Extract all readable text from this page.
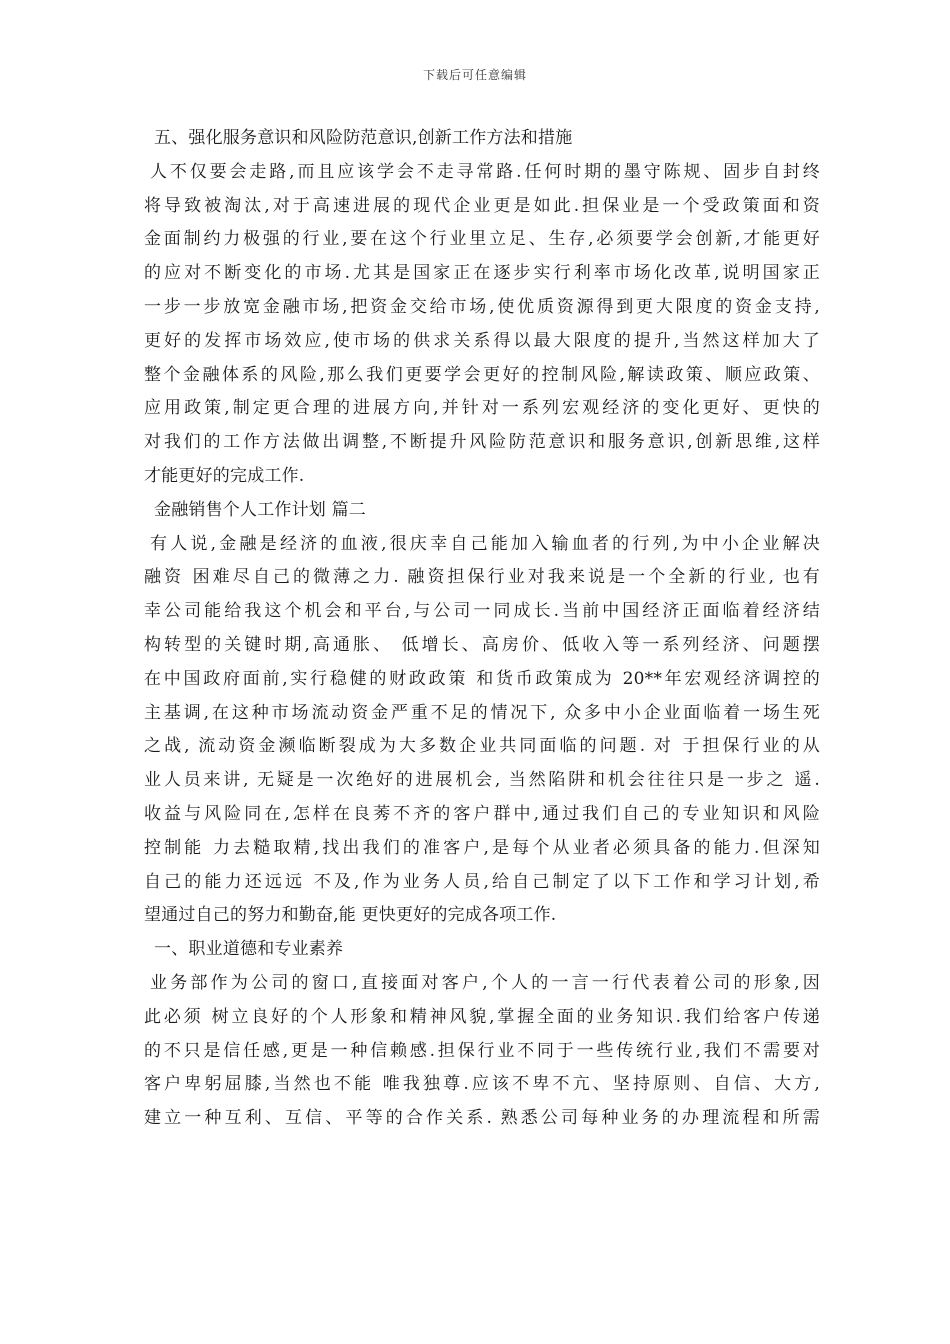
下载后可任意编辑
五、强化服务意识和风险防范意识,创新工作方法和措施
人不仅要会走路,而且应该学会不走寻常路.任何时期的墨守陈规、固步自封终
将导致被淘汰,对于高速进展的现代企业更是如此.担保业是一个受政策面和资
金面制约力极强的行业,要在这个行业里立足、生存,必须要学会创新,才能更好
的应对不断变化的市场.尤其是国家正在逐步实行利率市场化改革,说明国家正
一步一步放宽金融市场,把资金交给市场,使优质资源得到更大限度的资金支持,
更好的发挥市场效应,使市场的供求关系得以最大限度的提升,当然这样加大了
整个金融体系的风险,那么我们更要学会更好的控制风险,解读政策、顺应政策、
应用政策,制定更合理的进展方向,并针对一系列宏观经济的变化更好、更快的
对我们的工作方法做出调整,不断提升风险防范意识和服务意识,创新思维,这样
才能更好的完成工作.
金融销售个人工作计划 篇二
有人说,金融是经济的血液,很庆幸自己能加入输血者的行列,为中小企业解决
融资 困难尽自己的微薄之力. 融资担保行业对我来说是一个全新的行业, 也有
幸公司能给我这个机会和平台,与公司一同成长.当前中国经济正面临着经济结
构转型的关键时期,高通胀、 低增长、高房价、低收入等一系列经济、问题摆
在中国政府面前,实行稳健的财政政策 和货币政策成为 20**年宏观经济调控的
主基调,在这种市场流动资金严重不足的情况下, 众多中小企业面临着一场生死
之战, 流动资金濒临断裂成为大多数企业共同面临的问题. 对 于担保行业的从
业人员来讲, 无疑是一次绝好的进展机会, 当然陷阱和机会往往只是一步之 遥.
收益与风险同在,怎样在良莠不齐的客户群中,通过我们自己的专业知识和风险
控制能 力去糙取精,找出我们的准客户,是每个从业者必须具备的能力.但深知
自己的能力还远远 不及,作为业务人员,给自己制定了以下工作和学习计划,希
望通过自己的努力和勤奋,能 更快更好的完成各项工作.
一、职业道德和专业素养
业务部作为公司的窗口,直接面对客户,个人的一言一行代表着公司的形象,因
此必须 树立良好的个人形象和精神风貌,掌握全面的业务知识.我们给客户传递
的不只是信任感,更是一种信赖感.担保行业不同于一些传统行业,我们不需要对
客户卑躬屈膝,当然也不能 唯我独尊.应该不卑不亢、坚持原则、自信、大方,
建立一种互利、互信、平等的合作关系. 熟悉公司每种业务的办理流程和所需
